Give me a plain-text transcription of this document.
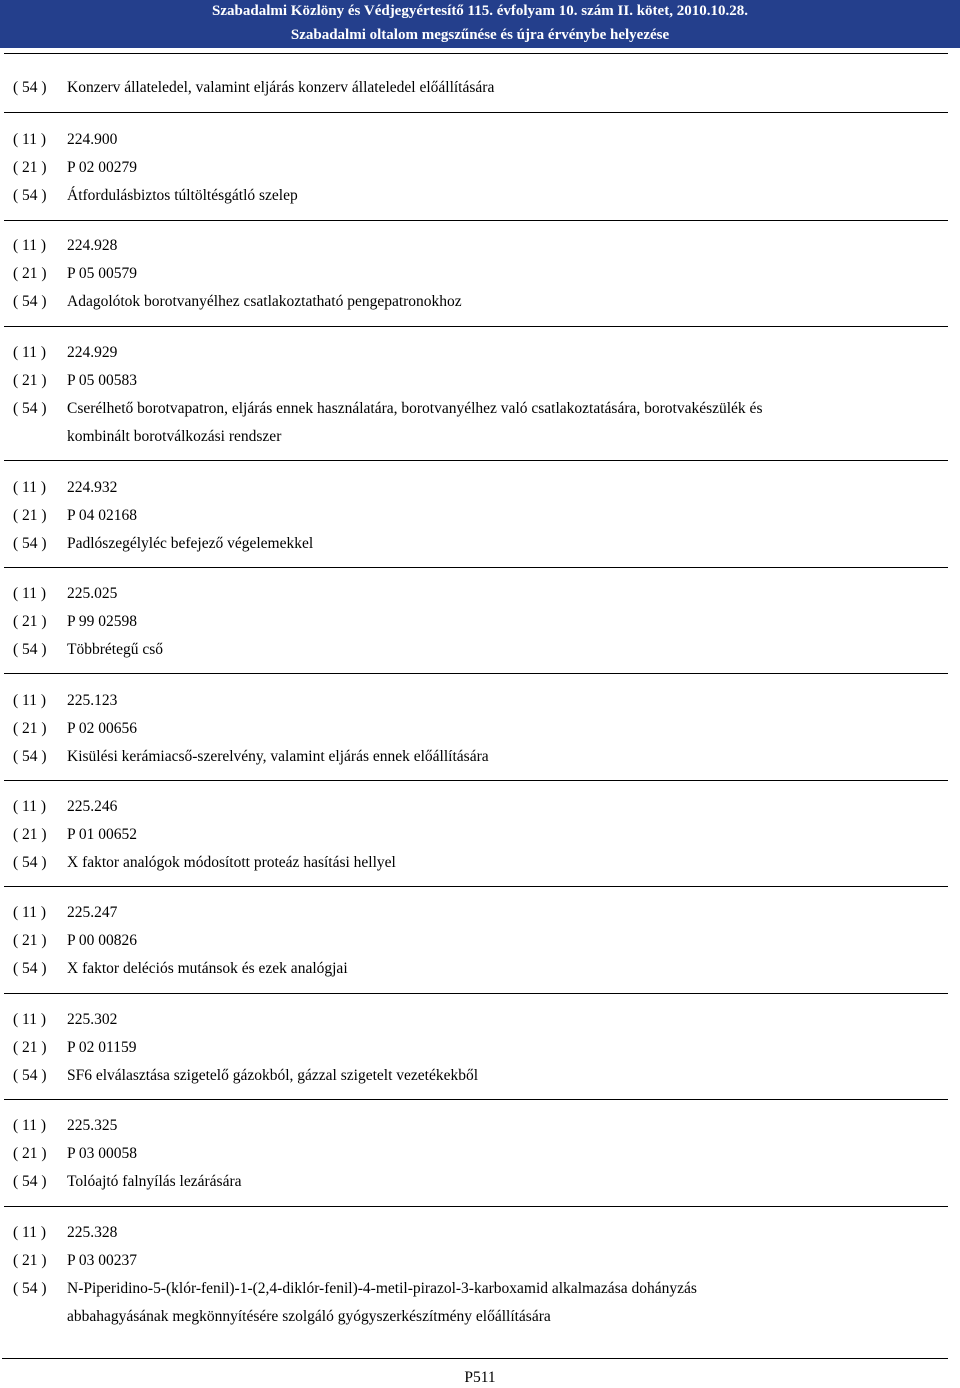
Szabadalmi Közlöny és Védjegyértesítő 115. évfolyam 10. szám II. kötet, 2010.10.28.
Szabadalmi oltalom megszűnése és újra érvénybe helyezése
( 54 ) Konzerv állateledel, valamint eljárás konzerv állateledel előállítására
( 11 ) 224.900
( 21 ) P 02 00279
( 54 ) Átfordulásbiztos túltöltésgátló szelep
( 11 ) 224.928
( 21 ) P 05 00579
( 54 ) Adagolótok borotvanyélhez csatlakoztatható pengepatronokhoz
( 11 ) 224.929
( 21 ) P 05 00583
( 54 ) Cserélhető borotvapatron, eljárás ennek használatára, borotvanyélhez való csatlakoztatására, borotvakészülék és
kombinált borotválkozási rendszer
( 11 ) 224.932
( 21 ) P 04 02168
( 54 ) Padlószegélyléc befejező végelemekkel
( 11 ) 225.025
( 21 ) P 99 02598
( 54 ) Többrétegű cső
( 11 ) 225.123
( 21 ) P 02 00656
( 54 ) Kisülési kerámiacső-szerelvény, valamint eljárás ennek előállítására
( 11 ) 225.246
( 21 ) P 01 00652
( 54 ) X faktor analógok módosított proteáz hasítási hellyel
( 11 ) 225.247
( 21 ) P 00 00826
( 54 ) X faktor deléciós mutánsok és ezek analógjai
( 11 ) 225.302
( 21 ) P 02 01159
( 54 ) SF6 elválasztása szigetelő gázokból, gázzal szigetelt vezetékekből
( 11 ) 225.325
( 21 ) P 03 00058
( 54 ) Tolóajtó falnyílás lezárására
( 11 ) 225.328
( 21 ) P 03 00237
( 54 ) N-Piperidino-5-(klór-fenil)-1-(2,4-diklór-fenil)-4-metil-pirazol-3-karboxamid alkalmazása dohányzás
abbahagyásának megkönnyítésére szolgáló gyógyszerkészítmény előállítására
P511
